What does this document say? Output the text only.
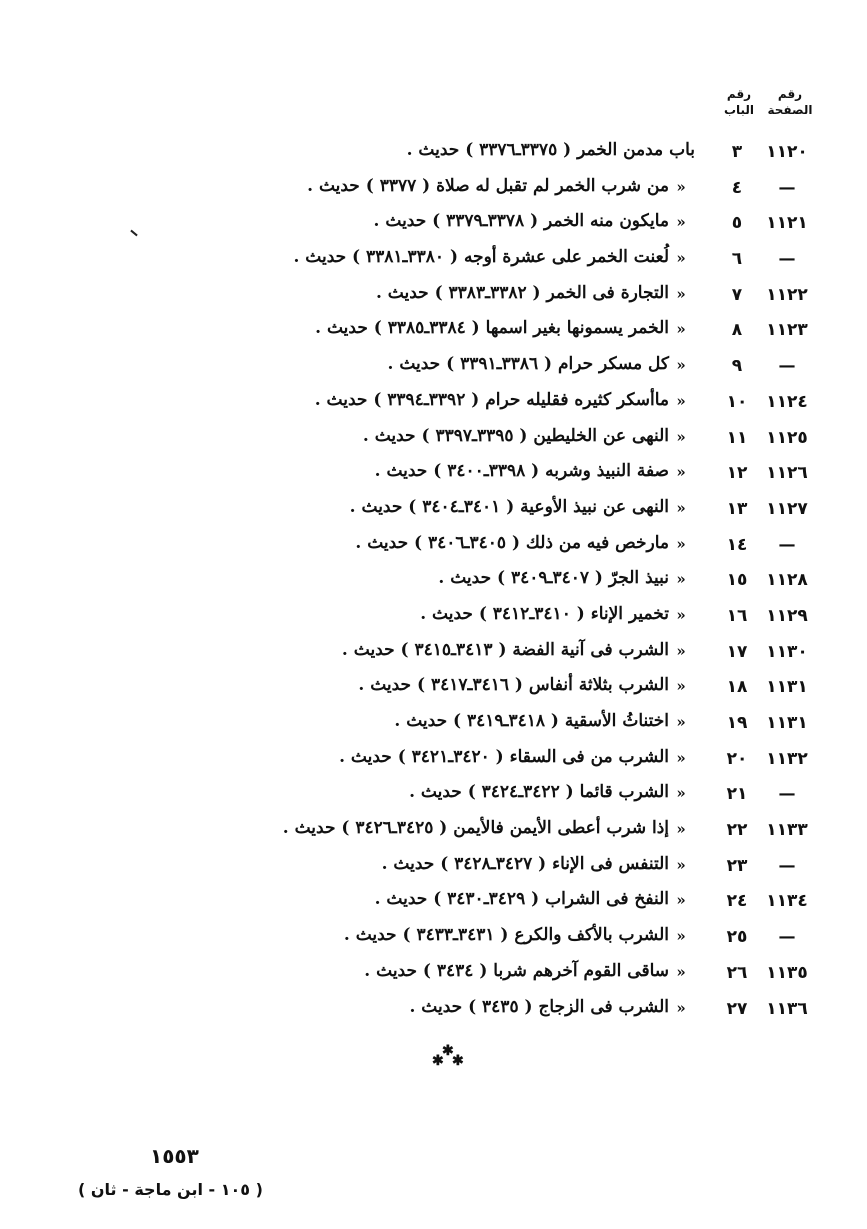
رقم
الصفحة
رقم
الباب
١١٢٠
٣
باب مدمن الخمر ( ٣٣٧٥ـ٣٣٧٦ ) حديث .
—
٤
«
من شرب الخمر لم تقبل له صلاة ( ٣٣٧٧ ) حديث .
١١٢١
٥
«
مايكون منه الخمر ( ٣٣٧٨ـ٣٣٧٩ ) حديث .
—
٦
«
لُعنت الخمر على عشرة أوجه ( ٣٣٨٠ـ٣٣٨١ ) حديث .
١١٢٢
٧
«
التجارة فى الخمر ( ٣٣٨٢ـ٣٣٨٣ ) حديث .
١١٢٣
٨
«
الخمر يسمونها بغير اسمها ( ٣٣٨٤ـ٣٣٨٥ ) حديث .
—
٩
«
كل مسكر حرام ( ٣٣٨٦ـ٣٣٩١ ) حديث .
١١٢٤
١٠
«
ماأسكر كثيره فقليله حرام ( ٣٣٩٢ـ٣٣٩٤ ) حديث .
١١٢٥
١١
«
النهى عن الخليطين ( ٣٣٩٥ـ٣٣٩٧ ) حديث .
١١٢٦
١٢
«
صفة النبيذ وشربه ( ٣٣٩٨ـ٣٤٠٠ ) حديث .
١١٢٧
١٣
«
النهى عن نبيذ الأوعية ( ٣٤٠١ـ٣٤٠٤ ) حديث .
—
١٤
«
مارخص فيه من ذلك ( ٣٤٠٥ـ٣٤٠٦ ) حديث .
١١٢٨
١٥
«
نبيذ الجرّ ( ٣٤٠٧ـ٣٤٠٩ ) حديث .
١١٢٩
١٦
«
تخمير الإناء ( ٣٤١٠ـ٣٤١٢ ) حديث .
١١٣٠
١٧
«
الشرب فى آنية الفضة ( ٣٤١٣ـ٣٤١٥ ) حديث .
١١٣١
١٨
«
الشرب بثلاثة أنفاس ( ٣٤١٦ـ٣٤١٧ ) حديث .
١١٣١
١٩
«
اختناثُ الأسقية ( ٣٤١٨ـ٣٤١٩ ) حديث .
١١٣٢
٢٠
«
الشرب من فى السقاء ( ٣٤٢٠ـ٣٤٢١ ) حديث .
—
٢١
«
الشرب قائما ( ٣٤٢٢ـ٣٤٢٤ ) حديث .
١١٣٣
٢٢
«
إذا شرب أعطى الأيمن فالأيمن ( ٣٤٢٥ـ٣٤٢٦ ) حديث .
—
٢٣
«
التنفس فى الإناء ( ٣٤٢٧ـ٣٤٢٨ ) حديث .
١١٣٤
٢٤
«
النفخ فى الشراب ( ٣٤٢٩ـ٣٤٣٠ ) حديث .
—
٢٥
«
الشرب بالأكف والكرع ( ٣٤٣١ـ٣٤٣٣ ) حديث .
١١٣٥
٢٦
«
ساقى القوم آخرهم شربا ( ٣٤٣٤ ) حديث .
١١٣٦
٢٧
«
الشرب فى الزجاج ( ٣٤٣٥ ) حديث .
✱
✱ ✱
١٥٥٣
( ١٠٥ - ابن ماجة - ثان )
